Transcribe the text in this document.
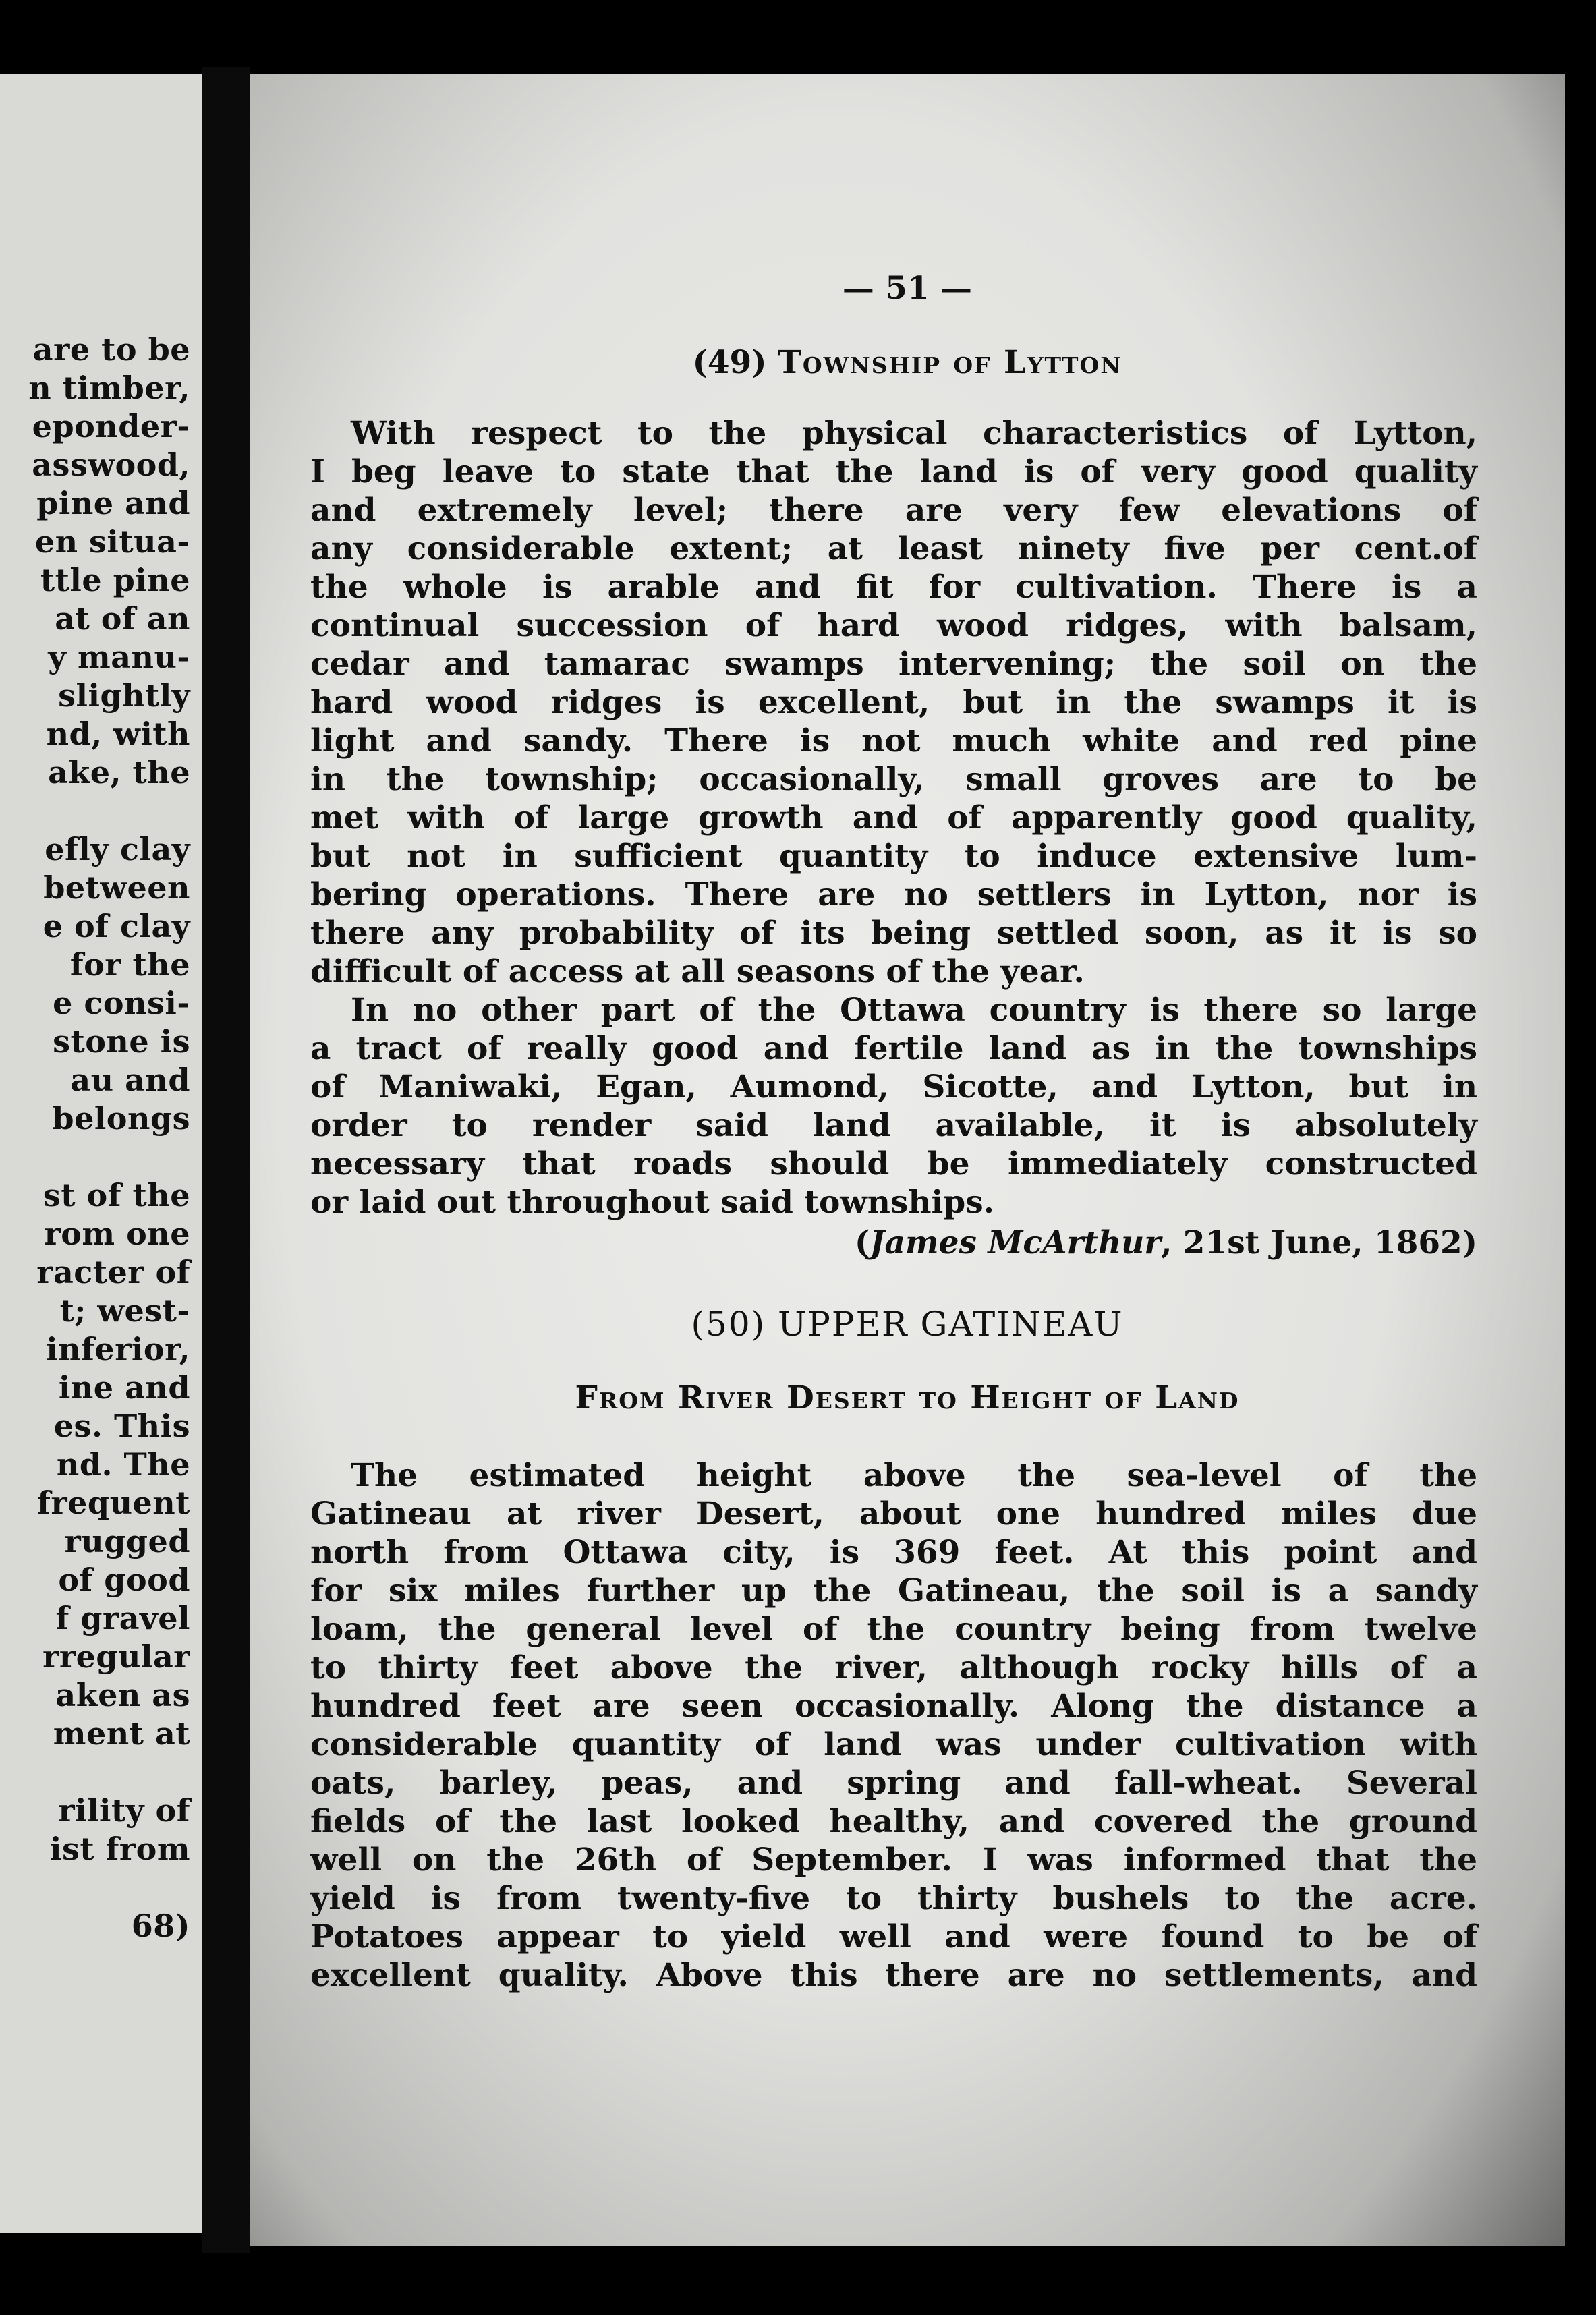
are to be
n timber,
eponder-
asswood,
pine and
en situa-
ttle pine
at of an
y manu-
slightly
nd, with
ake, the
efly clay
between
e of clay
for the
e consi-
stone is
au and
belongs
st of the
rom one
racter of
t; west-
inferior,
ine and
es. This
nd. The
frequent
rugged
of good
f gravel
rregular
aken as
ment at
rility of
ist from
68)
— 51 —
(49) Township of Lytton
(James McArthur, 21st June, 1862)
(50) UPPER GATINEAU
From River Desert to Height of Land
With respect to the physical characteristics of Lytton,
I beg leave to state that the land is of very good quality
and extremely level; there are very few elevations of
any considerable extent; at least ninety five per cent.of
the whole is arable and fit for cultivation. There is a
continual succession of hard wood ridges, with balsam,
cedar and tamarac swamps intervening; the soil on the
hard wood ridges is excellent, but in the swamps it is
light and sandy. There is not much white and red pine
in the township; occasionally, small groves are to be
met with of large growth and of apparently good quality,
but not in sufficient quantity to induce extensive lum-
bering operations. There are no settlers in Lytton, nor is
there any probability of its being settled soon, as it is so
difficult of access at all seasons of the year.
In no other part of the Ottawa country is there so large
a tract of really good and fertile land as in the townships
of Maniwaki, Egan, Aumond, Sicotte, and Lytton, but in
order to render said land available, it is absolutely
necessary that roads should be immediately constructed
or laid out throughout said townships.
The estimated height above the sea-level of the
Gatineau at river Desert, about one hundred miles due
north from Ottawa city, is 369 feet. At this point and
for six miles further up the Gatineau, the soil is a sandy
loam, the general level of the country being from twelve
to thirty feet above the river, although rocky hills of a
hundred feet are seen occasionally. Along the distance a
considerable quantity of land was under cultivation with
oats, barley, peas, and spring and fall-wheat. Several
fields of the last looked healthy, and covered the ground
well on the 26th of September. I was informed that the
yield is from twenty-five to thirty bushels to the acre.
Potatoes appear to yield well and were found to be of
excellent quality. Above this there are no settlements, and
